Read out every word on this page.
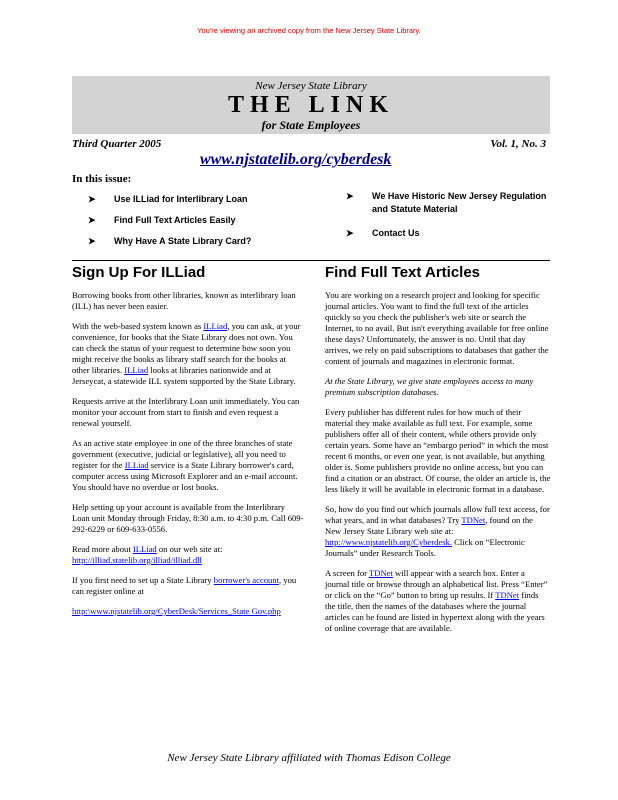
You're viewing an archived copy from the New Jersey State Library.
New Jersey State Library
THE LINK
for State Employees
Third Quarter 2005	Vol. 1, No. 3
www.njstatelib.org/cyberdesk
In this issue:
➤ Use ILLiad for Interlibrary Loan
➤ Find Full Text Articles Easily
➤ Why Have A State Library Card?
➤ We Have Historic New Jersey Regulation and Statute Material
➤ Contact Us
Sign Up For ILLiad

Borrowing books from other libraries, known as interlibrary loan (ILL) has never been easier.

With the web-based system known as ILLiad, you can ask, at your convenience, for books that the State Library does not own. You can check the status of your request to determine how soon you might receive the books as library staff search for the books at other libraries. ILLiad looks at libraries nationwide and at Jerseycat, a statewide ILL system supported by the State Library.

Requests arrive at the Interlibrary Loan unit immediately. You can monitor your account from start to finish and even request a renewal yourself.

As an active state employee in one of the three branches of state government (executive, judicial or legislative), all you need to register for the ILLiad service is a State Library borrower's card, computer access using Microsoft Explorer and an e-mail account. You should have no overdue or lost books.

Help setting up your account is available from the Interlibrary Loan unit Monday through Friday, 8:30 a.m. to 4:30 p.m. Call 609-292-6229 or 609-633-0556.

Read more about ILLiad on our web site at:
http://illiad.statelib.org/illiad/illiad.dll

If you first need to set up a State Library borrower's account, you can register online at

http:\www.njstatelib.org/CyberDesk/Services_State Gov.php

Find Full Text Articles

You are working on a research project and looking for specific journal articles. You want to find the full text of the articles quickly so you check the publisher's web site or search the Internet, to no avail. But isn't everything available for free online these days? Unfortunately, the answer is no. Until that day arrives, we rely on paid subscriptions to databases that gather the content of journals and magazines in electronic format.

At the State Library, we give state employees access to many premium subscription databases.

Every publisher has different rules for how much of their material they make available as full text. For example, some publishers offer all of their content, while others provide only certain years. Some have an “embargo period” in which the most recent 6 months, or even one year, is not available, but anything older is. Some publishers provide no online access, but you can find a citation or an abstract. Of course, the older an article is, the less likely it will be available in electronic format in a database.

So, how do you find out which journals allow full text access, for what years, and in what databases? Try TDNet, found on the New Jersey State Library web site at: http://www.njstatelib.org/Cyberdesk. Click on “Electronic Journals” under Research Tools.

A screen for TDNet will appear with a search box. Enter a journal title or browse through an alphabetical list. Press “Enter” or click on the “Go” button to bring up results. If TDNet finds the title, then the names of the databases where the journal articles can be found are listed in hypertext along with the years of online coverage that are available.

New Jersey State Library affiliated with Thomas Edison College
